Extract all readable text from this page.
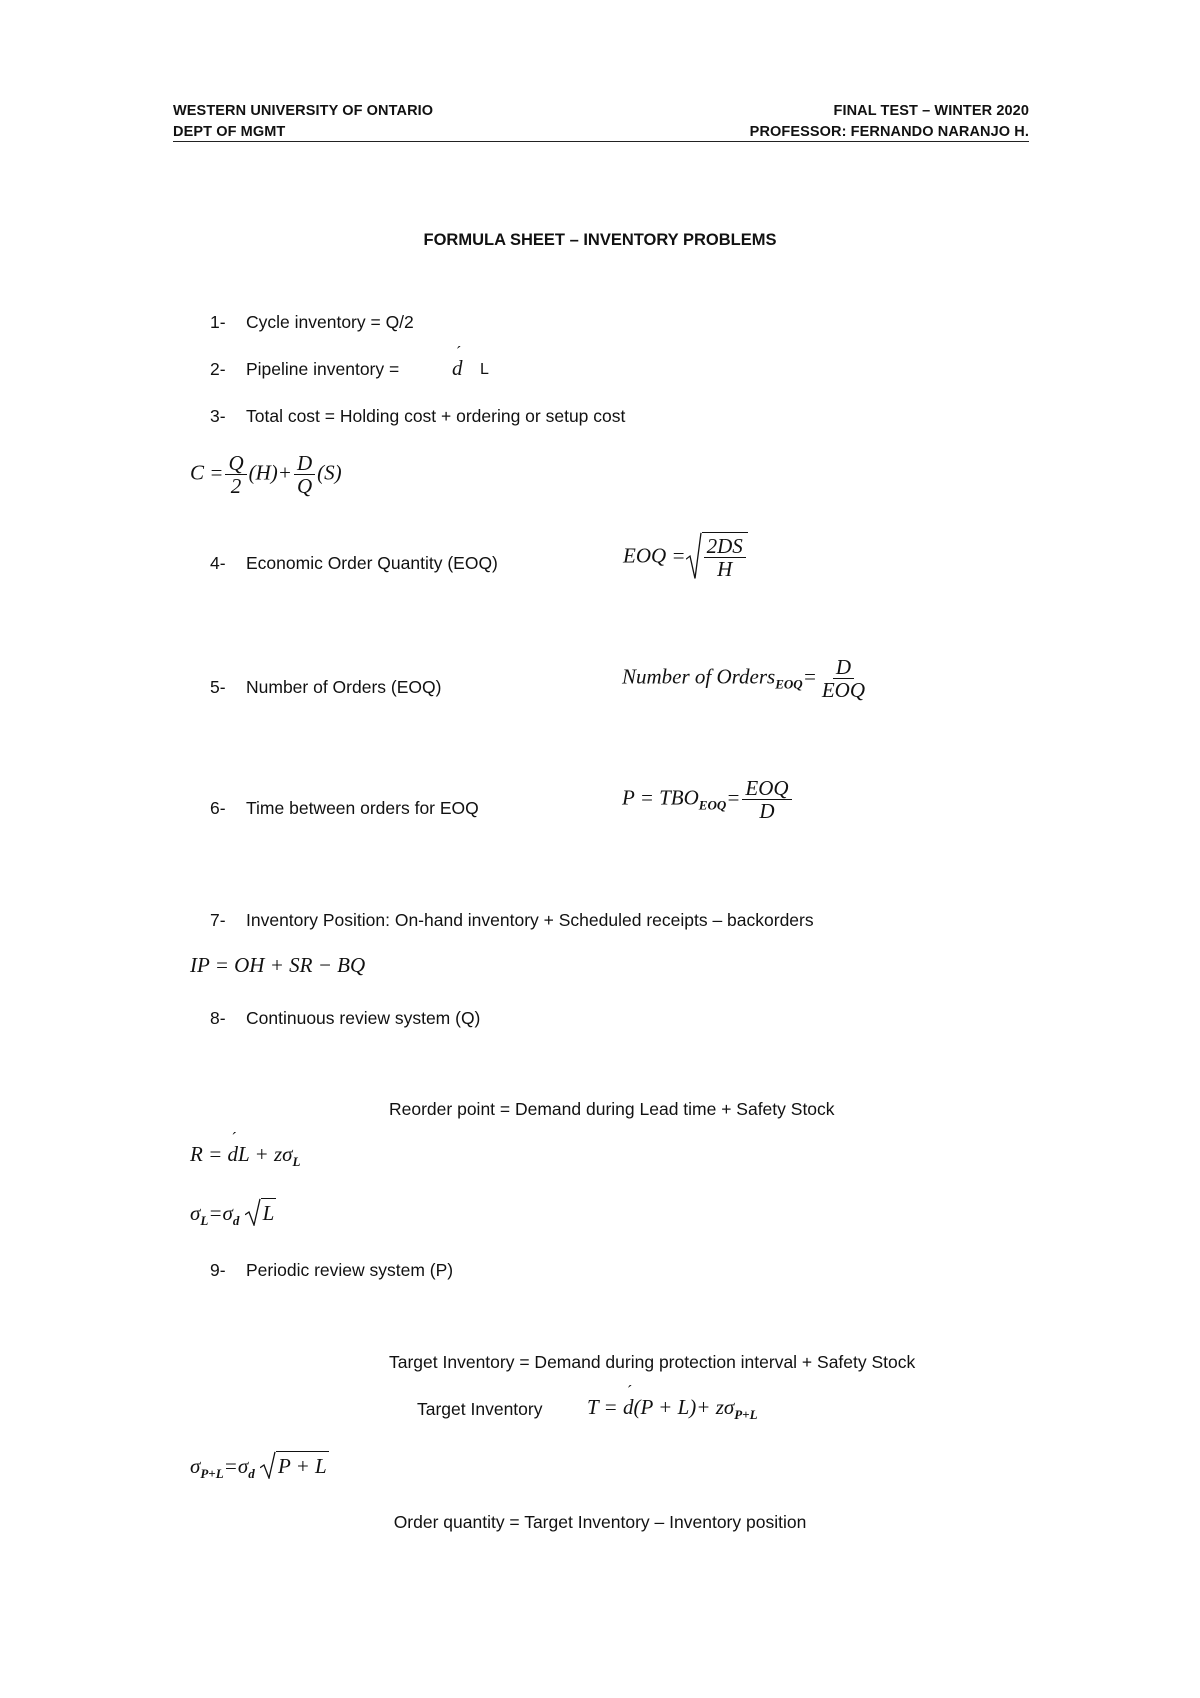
WESTERN UNIVERSITY OF ONTARIO
DEPT OF MGMT
FINAL TEST – WINTER 2020
PROFESSOR: FERNANDO NARANJO H.
FORMULA SHEET – INVENTORY PROBLEMS
1- Cycle inventory = Q/2
2- Pipeline inventory =	´ d L
3- Total cost = Holding cost + ordering or setup cost
$C = \frac{Q}{2} (H)+ \frac{D}{Q} (S)$
4- Economic Order Quantity (EOQ)	EOQ = $\frac{2DS}{H}$
5- Number of Orders (EOQ)	Number of Orders$_{EOQ}$= $\frac{D}{\text{EOQ}}$
6- Time between orders for EOQ	$P = TBO_{EOQ}= \frac{\text{EOQ}}{D}$
7- Inventory Position: On-hand inventory + Scheduled receipts – backorders
IP = OH + SR − BQ
8- Continuous review system (Q)
Reorder point = Demand during Lead time + Safety Stock
R = ´ dL + $z\sigma_L$
$\sigma_L=\sigma_d$ L
9- Periodic review system (P)
Target Inventory = Demand during protection interval + Safety Stock
Target Inventory T = ´ $d(P + L)+ z\sigma_{P+L}$
$\sigma_{P+L}=\sigma_d$ P + L
Order quantity = Target Inventory – Inventory position
